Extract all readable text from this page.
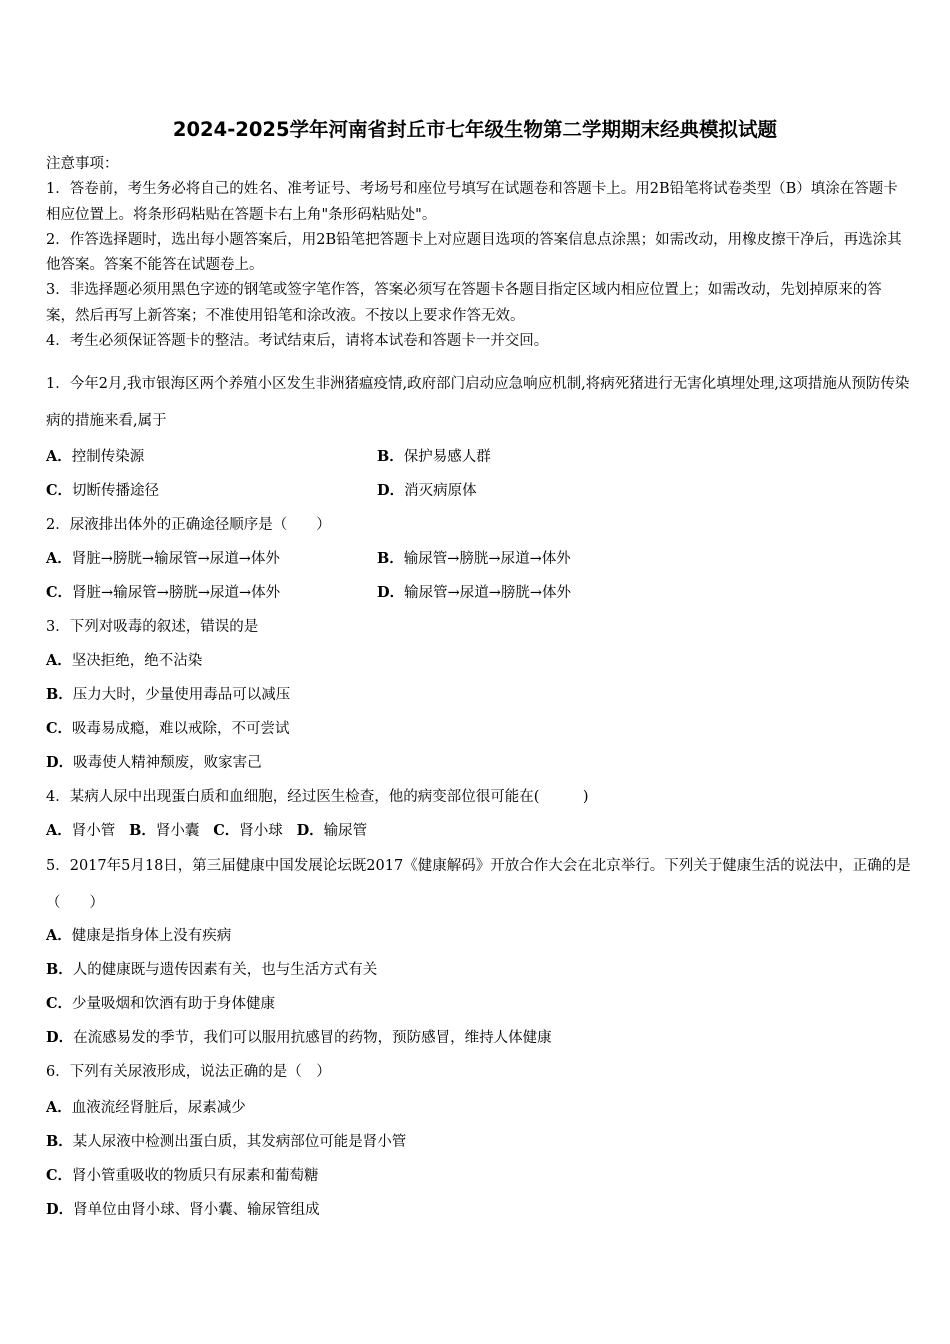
2024-2025学年河南省封丘市七年级生物第二学期期末经典模拟试题

注意事项：

1．答卷前，考生务必将自己的姓名、准考证号、考场号和座位号填写在试题卷和答题卡上。用2B铅笔将试卷类型（B）填涂在答题卡相应位置上。将条形码粘贴在答题卡右上角"条形码粘贴处"。

2．作答选择题时，选出每小题答案后，用2B铅笔把答题卡上对应题目选项的答案信息点涂黑；如需改动，用橡皮擦干净后，再选涂其他答案。答案不能答在试题卷上。

3．非选择题必须用黑色字迹的钢笔或签字笔作答，答案必须写在答题卡各题目指定区域内相应位置上；如需改动，先划掉原来的答案，然后再写上新答案；不准使用铅笔和涂改液。不按以上要求作答无效。

4．考生必须保证答题卡的整洁。考试结束后，请将本试卷和答题卡一并交回。

1．今年2月,我市银海区两个养殖小区发生非洲猪瘟疫情,政府部门启动应急响应机制,将病死猪进行无害化填埋处理,这项措施从预防传染病的措施来看,属于
A．控制传染源	B．保护易感人群
C．切断传播途径	D．消灭病原体
2．尿液排出体外的正确途径顺序是（　　）
A．肾脏→膀胱→输尿管→尿道→体外	B．输尿管→膀胱→尿道→体外
C．肾脏→输尿管→膀胱→尿道→体外	D．输尿管→尿道→膀胱→体外
3．下列对吸毒的叙述，错误的是
A．坚决拒绝，绝不沾染
B．压力大时，少量使用毒品可以减压
C．吸毒易成瘾，难以戒除，不可尝试
D．吸毒使人精神颓废，败家害己
4．某病人尿中出现蛋白质和血细胞，经过医生检查，他的病变部位很可能在(　　　)
A．肾小管 B．肾小囊 C．肾小球 D．输尿管
5．2017年5月18日，第三届健康中国发展论坛既2017《健康解码》开放合作大会在北京举行。下列关于健康生活的说法中，正确的是（　　）
A．健康是指身体上没有疾病
B．人的健康既与遗传因素有关，也与生活方式有关
C．少量吸烟和饮酒有助于身体健康
D．在流感易发的季节，我们可以服用抗感冒的药物，预防感冒，维持人体健康
6．下列有关尿液形成，说法正确的是（　）
A．血液流经肾脏后，尿素减少
B．某人尿液中检测出蛋白质，其发病部位可能是肾小管
C．肾小管重吸收的物质只有尿素和葡萄糖
D．肾单位由肾小球、肾小囊、输尿管组成
